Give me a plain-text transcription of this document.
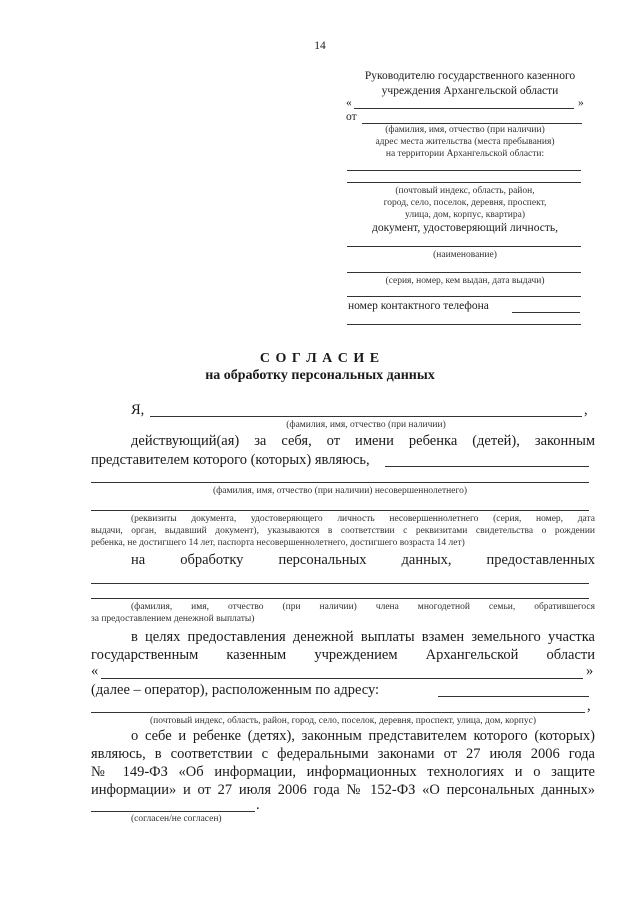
14
Руководителю государственного казенного
учреждения Архангельской области
«	»
от
(фамилия, имя, отчество (при наличии)
адрес места жительства (места пребывания)
на территории Архангельской области:
(почтовый индекс, область, район,
город, село, поселок, деревня, проспект,
улица, дом, корпус, квартира)
документ, удостоверяющий личность,
(наименование)
(серия, номер, кем выдан, дата выдачи)
номер контактного телефона
С О Г Л А С И Е
на обработку персональных данных
Я,	,
(фамилия, имя, отчество (при наличии)
действующий(ая) за себя, от имени ребенка (детей), законным
представителем которого (которых) являюсь,
(фамилия, имя, отчество (при наличии) несовершеннолетнего)
(реквизиты документа, удостоверяющего личность несовершеннолетнего (серия, номер, дата
выдачи, орган, выдавший документ), указываются в соответствии с реквизитами свидетельства о рождении
ребенка, не достигшего 14 лет, паспорта несовершеннолетнего, достигшего возраста 14 лет)
на обработку персональных данных, предоставленных
(фамилия, имя, отчество (при наличии) члена многодетной семьи, обратившегося
за предоставлением денежной выплаты)
в целях предоставления денежной выплаты взамен земельного участка
государственным казенным учреждением Архангельской области
«	»
(далее – оператор), расположенным по адресу:
,
(почтовый индекс, область, район, город, село, поселок, деревня, проспект, улица, дом, корпус)
о себе и ребенке (детях), законным представителем которого (которых)
являюсь, в соответствии с федеральными законами от 27 июля 2006 года
№ 149-ФЗ «Об информации, информационных технологиях и о защите
информации» и от 27 июля 2006 года № 152-ФЗ «О персональных данных»
.
(согласен/не согласен)
